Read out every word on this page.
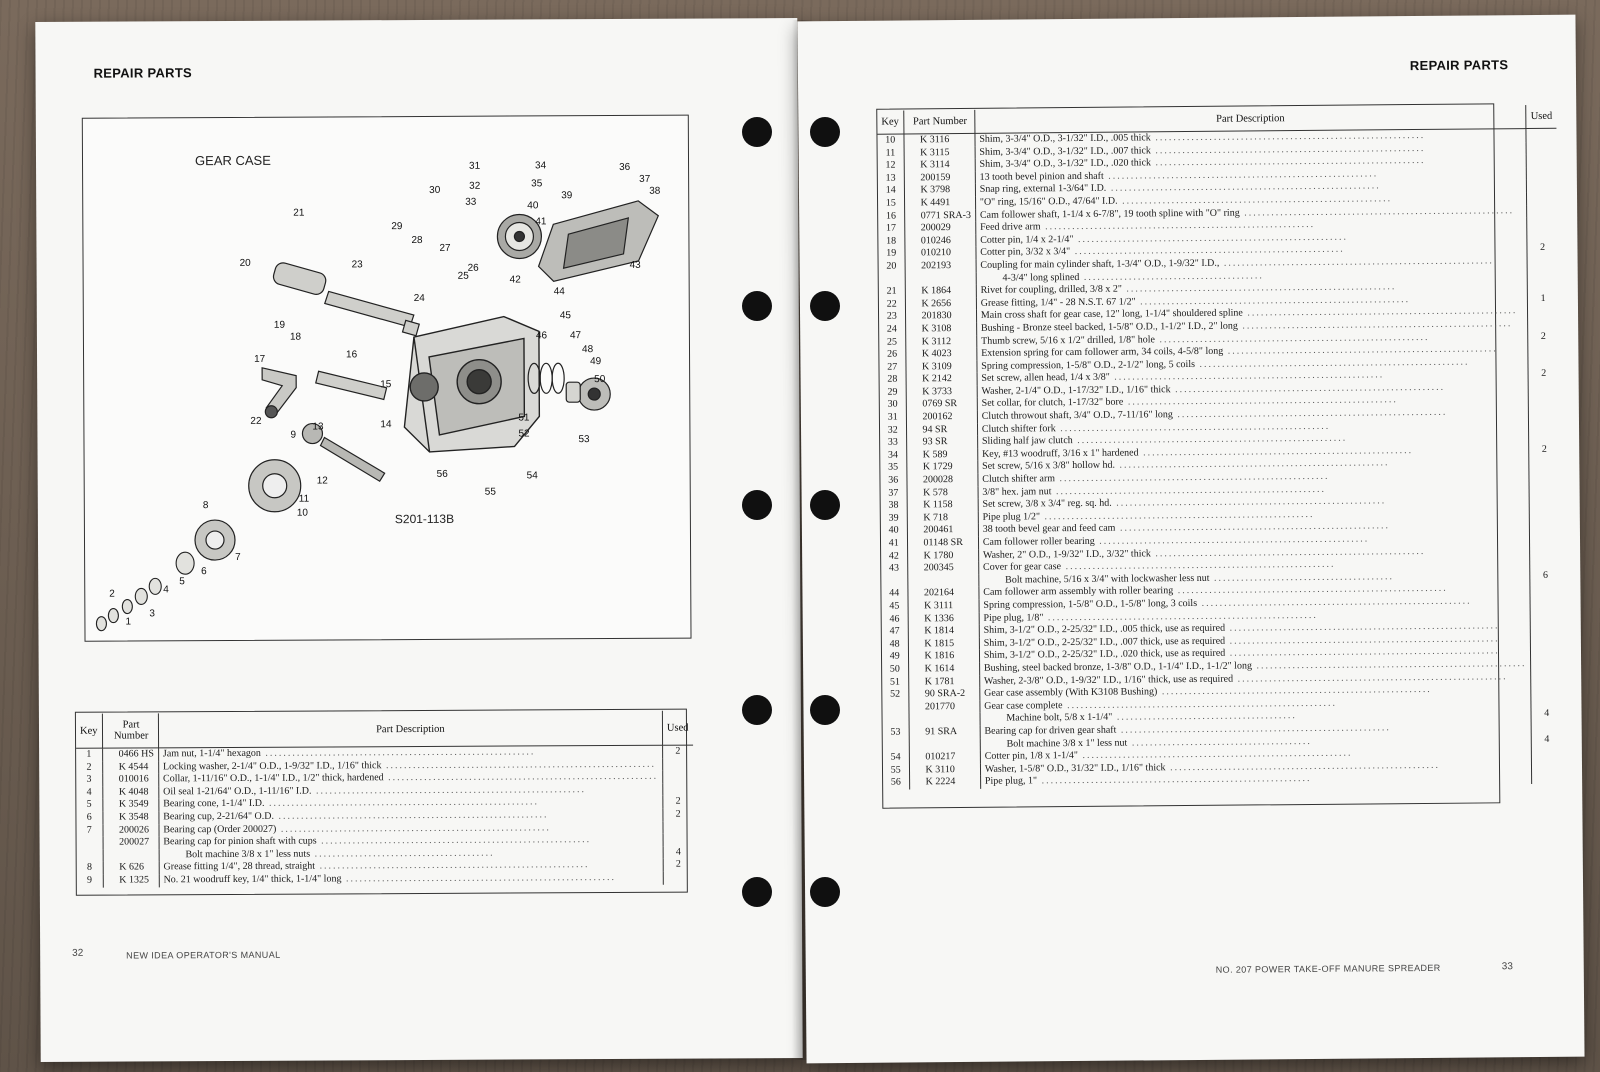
REPAIR PARTS
GEAR CASE
S201-113B
1
2
3
4
5
6
7
8
9
10
11
12
13	14
15
16
17
18
19
20
21
22
23
24
25
26
27
28
29
30
31
32
33
34
35
36
37
38
39
40
41
42
43
44
45
46 47
48
49
50
51
52
53
54
55
56
Key	Part Number	Part Description	Used
1	0466 HS	Jam nut, 1-1/4" hexagon ............................................................	2
2	K 4544	Locking washer, 2-1/4" O.D., 1-9/32" I.D., 1/16" thick ............................................................	
3	010016	Collar, 1-11/16" O.D., 1-1/4" I.D., 1/2" thick, hardened ............................................................	
4	K 4048	Oil seal 1-21/64" O.D., 1-11/16" I.D. ............................................................	
5	K 3549	Bearing cone, 1-1/4" I.D. ............................................................	2
6	K 3548	Bearing cup, 2-21/64" O.D. ............................................................	2
7	200026	Bearing cap (Order 200027) ............................................................	
	200027	Bearing cap for pinion shaft with cups ............................................................	
		Bolt machine 3/8 x 1" less nuts ........................................	4
8	K 626	Grease fitting 1/4", 28 thread, straight ............................................................	2
9	K 1325	No. 21 woodruff key, 1/4" thick, 1-1/4" long ............................................................	
32	NEW IDEA OPERATOR'S MANUAL
REPAIR PARTS
Key	Part Number	Part Description	Used
10	K 3116	Shim, 3-3/4" O.D., 3-1/32" I.D., .005 thick ............................................................	
11	K 3115	Shim, 3-3/4" O.D., 3-1/32" I.D., .007 thick ............................................................	
12	K 3114	Shim, 3-3/4" O.D., 3-1/32" I.D., .020 thick ............................................................	
13	200159	13 tooth bevel pinion and shaft ............................................................	
14	K 3798	Snap ring, external 1-3/64" I.D. ............................................................	
15	K 4491	"O" ring, 15/16" O.D., 47/64" I.D. ............................................................	
16	0771 SRA-3	Cam follower shaft, 1-1/4 x 6-7/8", 19 tooth spline with "O" ring ............................................................	
17	200029	Feed drive arm ............................................................	
18	010246	Cotter pin, 1/4 x 2-1/4" ............................................................	
19	010210	Cotter pin, 3/32 x 3/4" ............................................................	2
20	202193	Coupling for main cylinder shaft, 1-3/4" O.D., 1-9/32" I.D., ............................................................	
		4-3/4" long splined ........................................	
21	K 1864	Rivet for coupling, drilled, 3/8 x 2" ............................................................	
22	K 2656	Grease fitting, 1/4" - 28 N.S.T. 67 1/2" ............................................................	1
23	201830	Main cross shaft for gear case, 12" long, 1-1/4" shouldered spline ............................................................	
24	K 3108	Bushing - Bronze steel backed, 1-5/8" O.D., 1-1/2" I.D., 2" long ............................................................	
25	K 3112	Thumb screw, 5/16 x 1/2" drilled, 1/8" hole ............................................................	2
26	K 4023	Extension spring for cam follower arm, 34 coils, 4-5/8" long ............................................................	
27	K 3109	Spring compression, 1-5/8" O.D., 2-1/2" long, 5 coils ............................................................	
28	K 2142	Set screw, allen head, 1/4 x 3/8" ............................................................	2
29	K 3733	Washer, 2-1/4" O.D., 1-17/32" I.D., 1/16" thick ............................................................	
30	0769 SR	Set collar, for clutch, 1-17/32" bore ............................................................	
31	200162	Clutch throwout shaft, 3/4" O.D., 7-11/16" long ............................................................	
32	94 SR	Clutch shifter fork ............................................................	
33	93 SR	Sliding half jaw clutch ............................................................	
34	K 589	Key, #13 woodruff, 3/16 x 1" hardened ............................................................	2
35	K 1729	Set screw, 5/16 x 3/8" hollow hd. ............................................................	
36	200028	Clutch shifter arm ............................................................	
37	K 578	3/8" hex. jam nut ............................................................	
38	K 1158	Set screw, 3/8 x 3/4" reg. sq. hd. ............................................................	
39	K 718	Pipe plug 1/2" ............................................................	
40	200461	38 tooth bevel gear and feed cam ............................................................	
41	01148 SR	Cam follower roller bearing ............................................................	
42	K 1780	Washer, 2" O.D., 1-9/32" I.D., 3/32" thick ............................................................	
43	200345	Cover for gear case ............................................................	
		Bolt machine, 5/16 x 3/4" with lockwasher less nut ........................................	6
44	202164	Cam follower arm assembly with roller bearing ............................................................	
45	K 3111	Spring compression, 1-5/8" O.D., 1-5/8" long, 3 coils ............................................................	
46	K 1336	Pipe plug, 1/8" ............................................................	
47	K 1814	Shim, 3-1/2" O.D., 2-25/32" I.D., .005 thick, use as required ............................................................	
48	K 1815	Shim, 3-1/2" O.D., 2-25/32" I.D., .007 thick, use as required ............................................................	
49	K 1816	Shim, 3-1/2" O.D., 2-25/32" I.D., .020 thick, use as required ............................................................	
50	K 1614	Bushing, steel backed bronze, 1-3/8" O.D., 1-1/4" I.D., 1-1/2" long ............................................................	
51	K 1781	Washer, 2-3/8" O.D., 1-9/32" I.D., 1/16" thick, use as required ............................................................	
52	90 SRA-2	Gear case assembly (With K3108 Bushing) ............................................................	
	201770	Gear case complete ............................................................	
		Machine bolt, 5/8 x 1-1/4" ........................................	4
53	91 SRA	Bearing cap for driven gear shaft ............................................................	
		Bolt machine 3/8 x 1" less nut ........................................	4
54	010217	Cotter pin, 1/8 x 1-1/4" ............................................................	
55	K 3110	Washer, 1-5/8" O.D., 31/32" I.D., 1/16" thick ............................................................	
56	K 2224	Pipe plug, 1" ............................................................	
NO. 207 POWER TAKE-OFF MANURE SPREADER	33
